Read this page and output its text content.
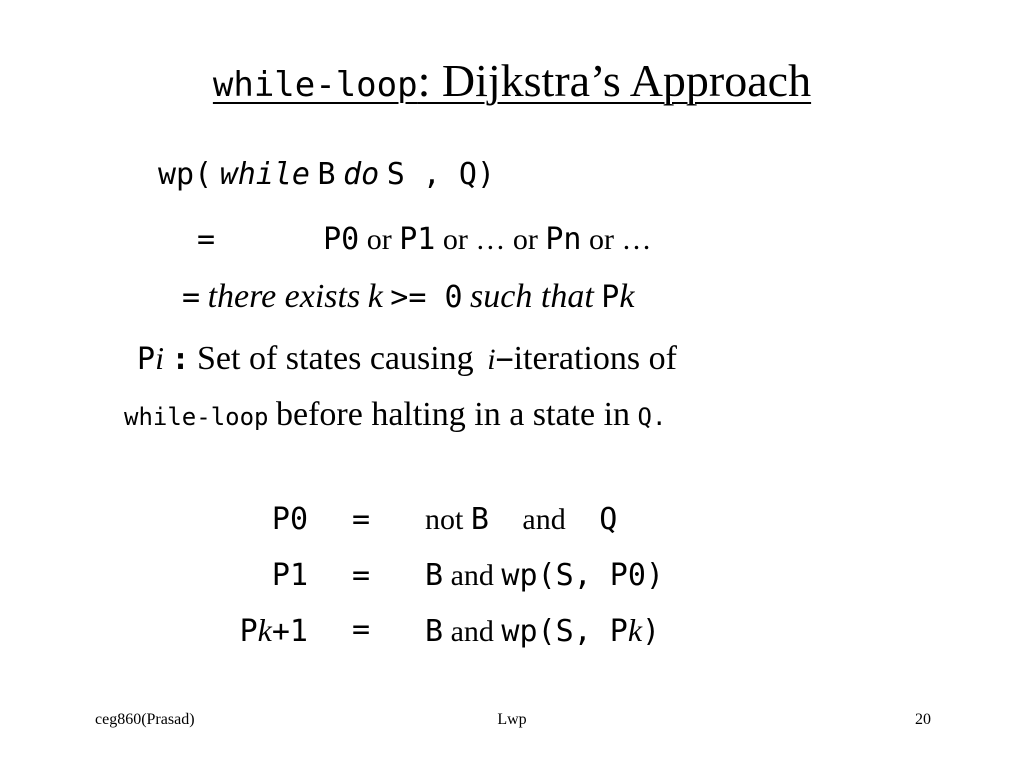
while-loop: Dijkstra’s Approach
wp( while B do S , Q)
=	P0 or P1 or … or Pn or …
= there exists k >= 0 such that Pk
Pi : Set of states causing i−iterations of
while-loop before halting in a state in Q.
P0 = not B and Q
P1 = B and wp(S, P0)
Pk+1 = B and wp(S, Pk)
ceg860(Prasad)	Lwp	20
